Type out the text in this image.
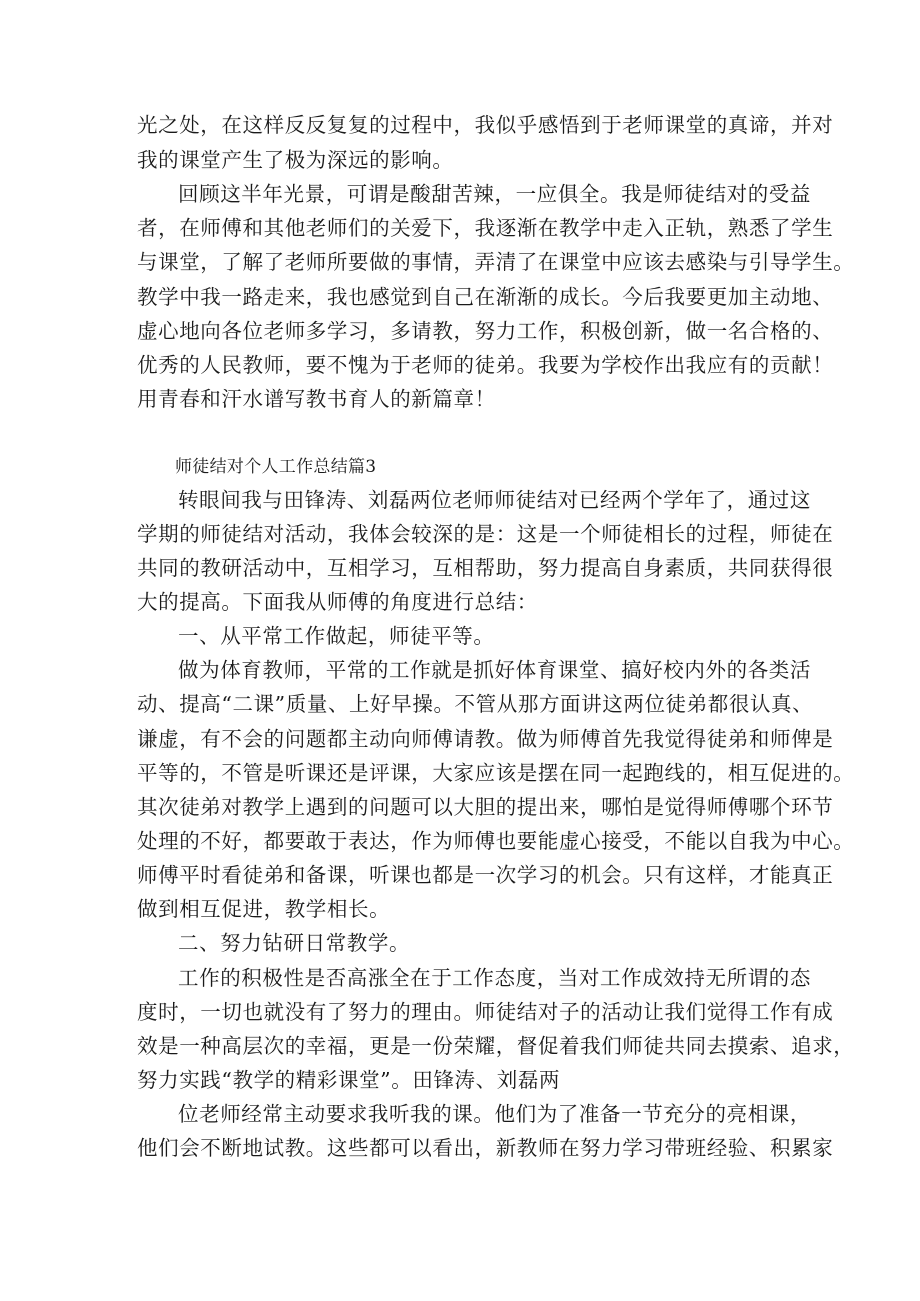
光之处，在这样反反复复的过程中，我似乎感悟到于老师课堂的真谛，并对
我的课堂产生了极为深远的影响。
回顾这半年光景，可谓是酸甜苦辣，一应俱全。我是师徒结对的受益
者，在师傅和其他老师们的关爱下，我逐渐在教学中走入正轨，熟悉了学生
与课堂，了解了老师所要做的事情，弄清了在课堂中应该去感染与引导学生。
教学中我一路走来，我也感觉到自己在渐渐的成长。今后我要更加主动地、
虚心地向各位老师多学习，多请教，努力工作，积极创新，做一名合格的、
优秀的人民教师，要不愧为于老师的徒弟。我要为学校作出我应有的贡献！
用青春和汗水谱写教书育人的新篇章！
师徒结对个人工作总结篇3
转眼间我与田锋涛、刘磊两位老师师徒结对已经两个学年了，通过这
学期的师徒结对活动，我体会较深的是：这是一个师徒相长的过程，师徒在
共同的教研活动中，互相学习，互相帮助，努力提高自身素质，共同获得很
大的提高。下面我从师傅的角度进行总结：
一、从平常工作做起，师徒平等。
做为体育教师，平常的工作就是抓好体育课堂、搞好校内外的各类活
动、提高“二课”质量、上好早操。不管从那方面讲这两位徒弟都很认真、
谦虚，有不会的问题都主动向师傅请教。做为师傅首先我觉得徒弟和师俾是
平等的，不管是听课还是评课，大家应该是摆在同一起跑线的，相互促进的。
其次徒弟对教学上遇到的问题可以大胆的提出来，哪怕是觉得师傅哪个环节
处理的不好，都要敢于表达，作为师傅也要能虚心接受，不能以自我为中心。
师傅平时看徒弟和备课，听课也都是一次学习的机会。只有这样，才能真正
做到相互促进，教学相长。
二、努力钻研日常教学。
工作的积极性是否高涨全在于工作态度，当对工作成效持无所谓的态
度时，一切也就没有了努力的理由。师徒结对子的活动让我们觉得工作有成
效是一种高层次的幸福，更是一份荣耀，督促着我们师徒共同去摸索、追求，
努力实践“教学的精彩课堂”。田锋涛、刘磊两
位老师经常主动要求我听我的课。他们为了准备一节充分的亮相课，
他们会不断地试教。这些都可以看出，新教师在努力学习带班经验、积累家
